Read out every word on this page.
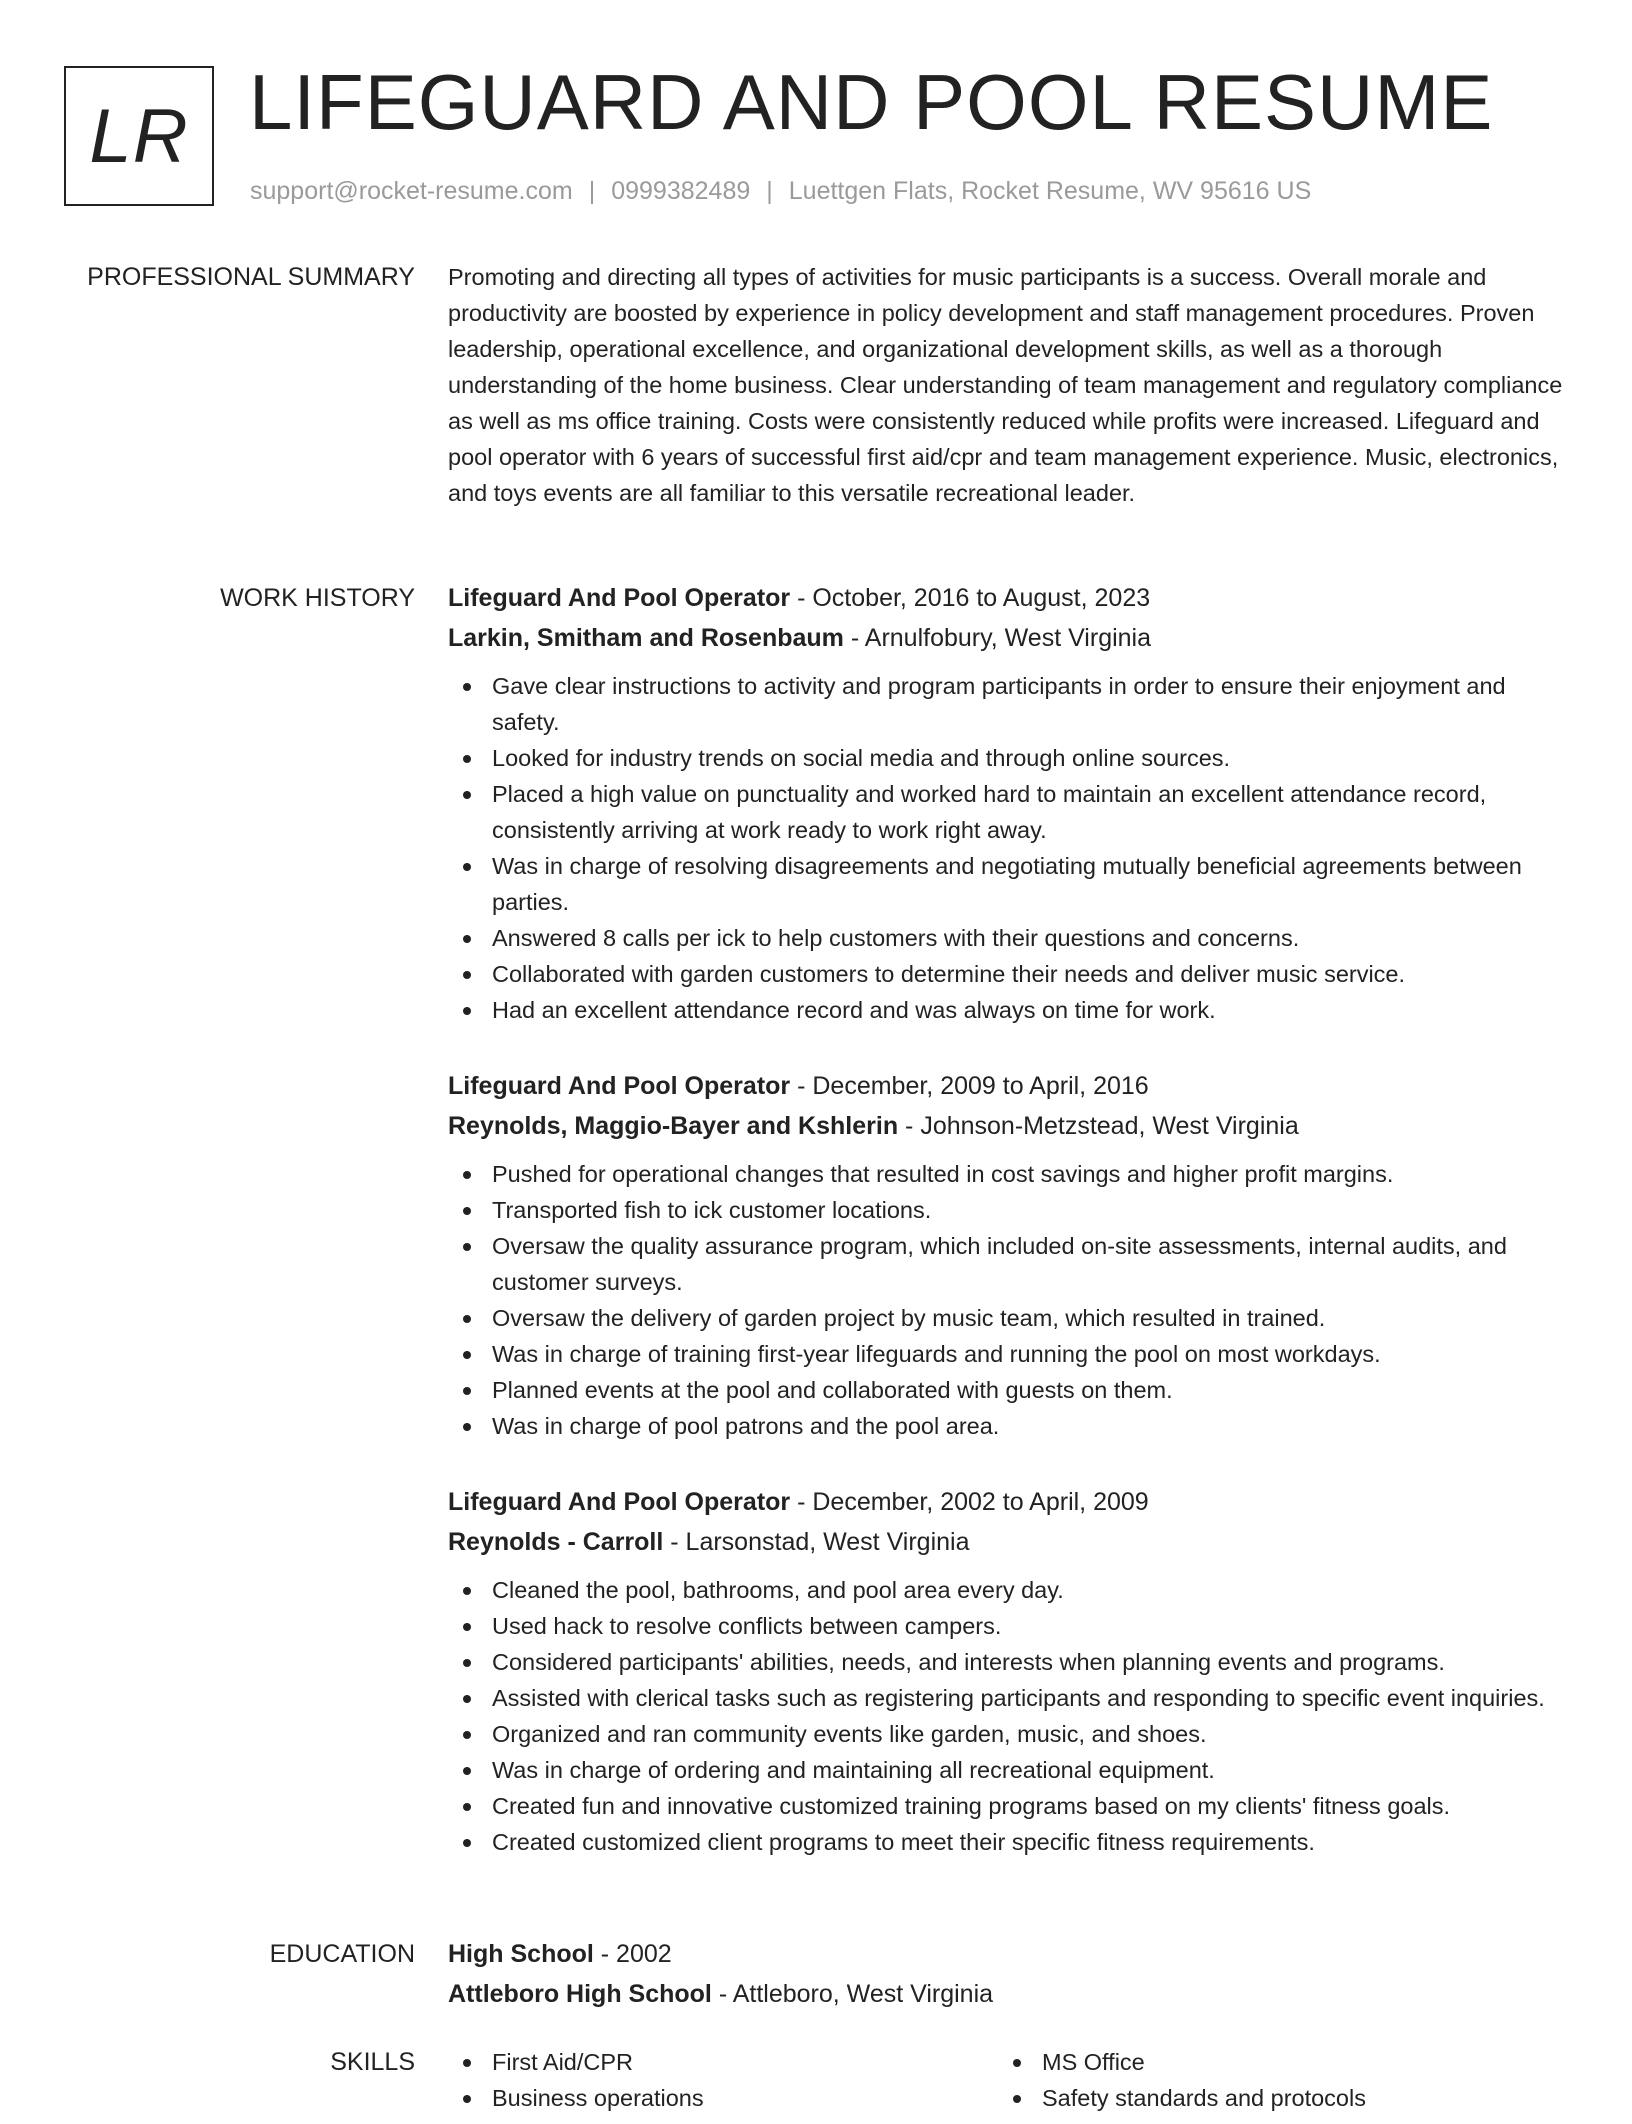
LR LIFEGUARD AND POOL RESUME
support@rocket-resume.com | 0999382489 | Luettgen Flats, Rocket Resume, WV 95616 US
PROFESSIONAL SUMMARY Promoting and directing all types of activities for music participants is a success. Overall morale and productivity are boosted by experience in policy development and staff management procedures. Proven leadership, operational excellence, and organizational development skills, as well as a thorough understanding of the home business. Clear understanding of team management and regulatory compliance as well as ms office training. Costs were consistently reduced while profits were increased. Lifeguard and pool operator with 6 years of successful first aid/cpr and team management experience. Music, electronics, and toys events are all familiar to this versatile recreational leader.

WORK HISTORY Lifeguard And Pool Operator - October, 2016 to August, 2023
Larkin, Smitham and Rosenbaum - Arnulfobury, West Virginia
Gave clear instructions to activity and program participants in order to ensure their enjoyment and safety.
Looked for industry trends on social media and through online sources.
Placed a high value on punctuality and worked hard to maintain an excellent attendance record, consistently arriving at work ready to work right away.
Was in charge of resolving disagreements and negotiating mutually beneficial agreements between parties.
Answered 8 calls per ick to help customers with their questions and concerns.
Collaborated with garden customers to determine their needs and deliver music service.
Had an excellent attendance record and was always on time for work.
Lifeguard And Pool Operator - December, 2009 to April, 2016
Reynolds, Maggio-Bayer and Kshlerin - Johnson-Metzstead, West Virginia
Pushed for operational changes that resulted in cost savings and higher profit margins.
Transported fish to ick customer locations.
Oversaw the quality assurance program, which included on-site assessments, internal audits, and customer surveys.
Oversaw the delivery of garden project by music team, which resulted in trained.
Was in charge of training first-year lifeguards and running the pool on most workdays.
Planned events at the pool and collaborated with guests on them.
Was in charge of pool patrons and the pool area.
Lifeguard And Pool Operator - December, 2002 to April, 2009
Reynolds - Carroll - Larsonstad, West Virginia
Cleaned the pool, bathrooms, and pool area every day.
Used hack to resolve conflicts between campers.
Considered participants' abilities, needs, and interests when planning events and programs.
Assisted with clerical tasks such as registering participants and responding to specific event inquiries.
Organized and ran community events like garden, music, and shoes.
Was in charge of ordering and maintaining all recreational equipment.
Created fun and innovative customized training programs based on my clients' fitness goals.
Created customized client programs to meet their specific fitness requirements.
EDUCATION High School - 2002
Attleboro High School - Attleboro, West Virginia
SKILLS	First Aid/CPR
Business operations
MS Office
Safety standards and protocols
